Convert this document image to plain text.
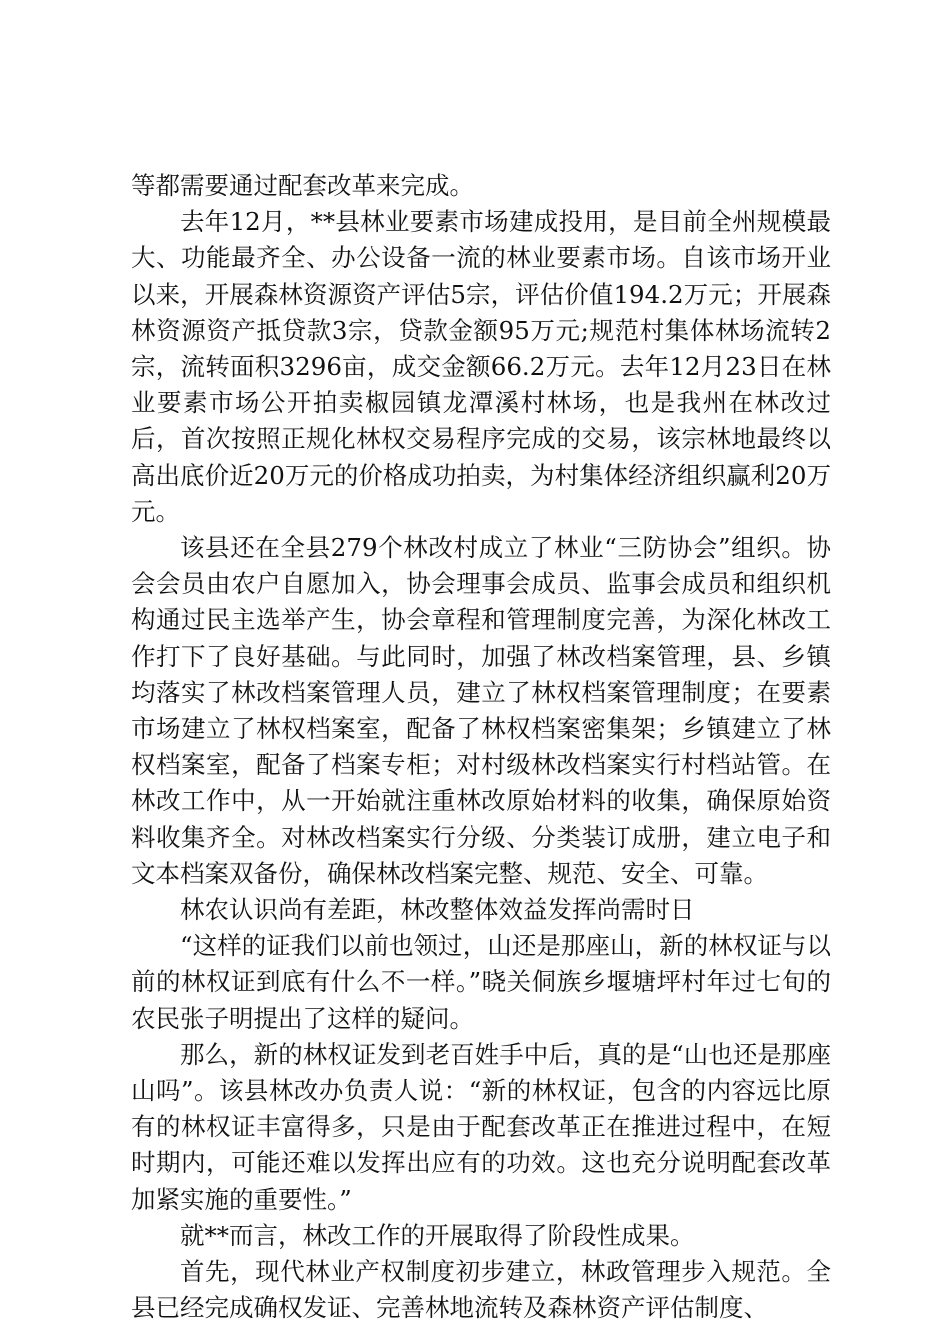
等都需要通过配套改革来完成。

去年12月，**县林业要素市场建成投用，是目前全州规模最大、功能最齐全、办公设备一流的林业要素市场。自该市场开业以来，开展森林资源资产评估5宗，评估价值194.2万元；开展森林资源资产抵贷款3宗，贷款金额95万元;规范村集体林场流转2宗，流转面积3296亩，成交金额66.2万元。去年12月23日在林业要素市场公开拍卖椒园镇龙潭溪村林场，也是我州在林改过后，首次按照正规化林权交易程序完成的交易，该宗林地最终以高出底价近20万元的价格成功拍卖，为村集体经济组织赢利20万元。

该县还在全县279个林改村成立了林业“三防协会”组织。协会会员由农户自愿加入，协会理事会成员、监事会成员和组织机构通过民主选举产生，协会章程和管理制度完善，为深化林改工作打下了良好基础。与此同时，加强了林改档案管理，县、乡镇均落实了林改档案管理人员，建立了林权档案管理制度；在要素市场建立了林权档案室，配备了林权档案密集架；乡镇建立了林权档案室，配备了档案专柜；对村级林改档案实行村档站管。在林改工作中，从一开始就注重林改原始材料的收集，确保原始资料收集齐全。对林改档案实行分级、分类装订成册，建立电子和文本档案双备份，确保林改档案完整、规范、安全、可靠。

林农认识尚有差距，林改整体效益发挥尚需时日

“这样的证我们以前也领过，山还是那座山，新的林权证与以前的林权证到底有什么不一样。”晓关侗族乡堰塘坪村年过七旬的农民张子明提出了这样的疑问。

那么，新的林权证发到老百姓手中后，真的是“山也还是那座山吗”。该县林改办负责人说：“新的林权证，包含的内容远比原有的林权证丰富得多，只是由于配套改革正在推进过程中，在短时期内，可能还难以发挥出应有的功效。这也充分说明配套改革加紧实施的重要性。”

就**而言，林改工作的开展取得了阶段性成果。

首先，现代林业产权制度初步建立，林政管理步入规范。全县已经完成确权发证、完善林地流转及森林资产评估制度、
